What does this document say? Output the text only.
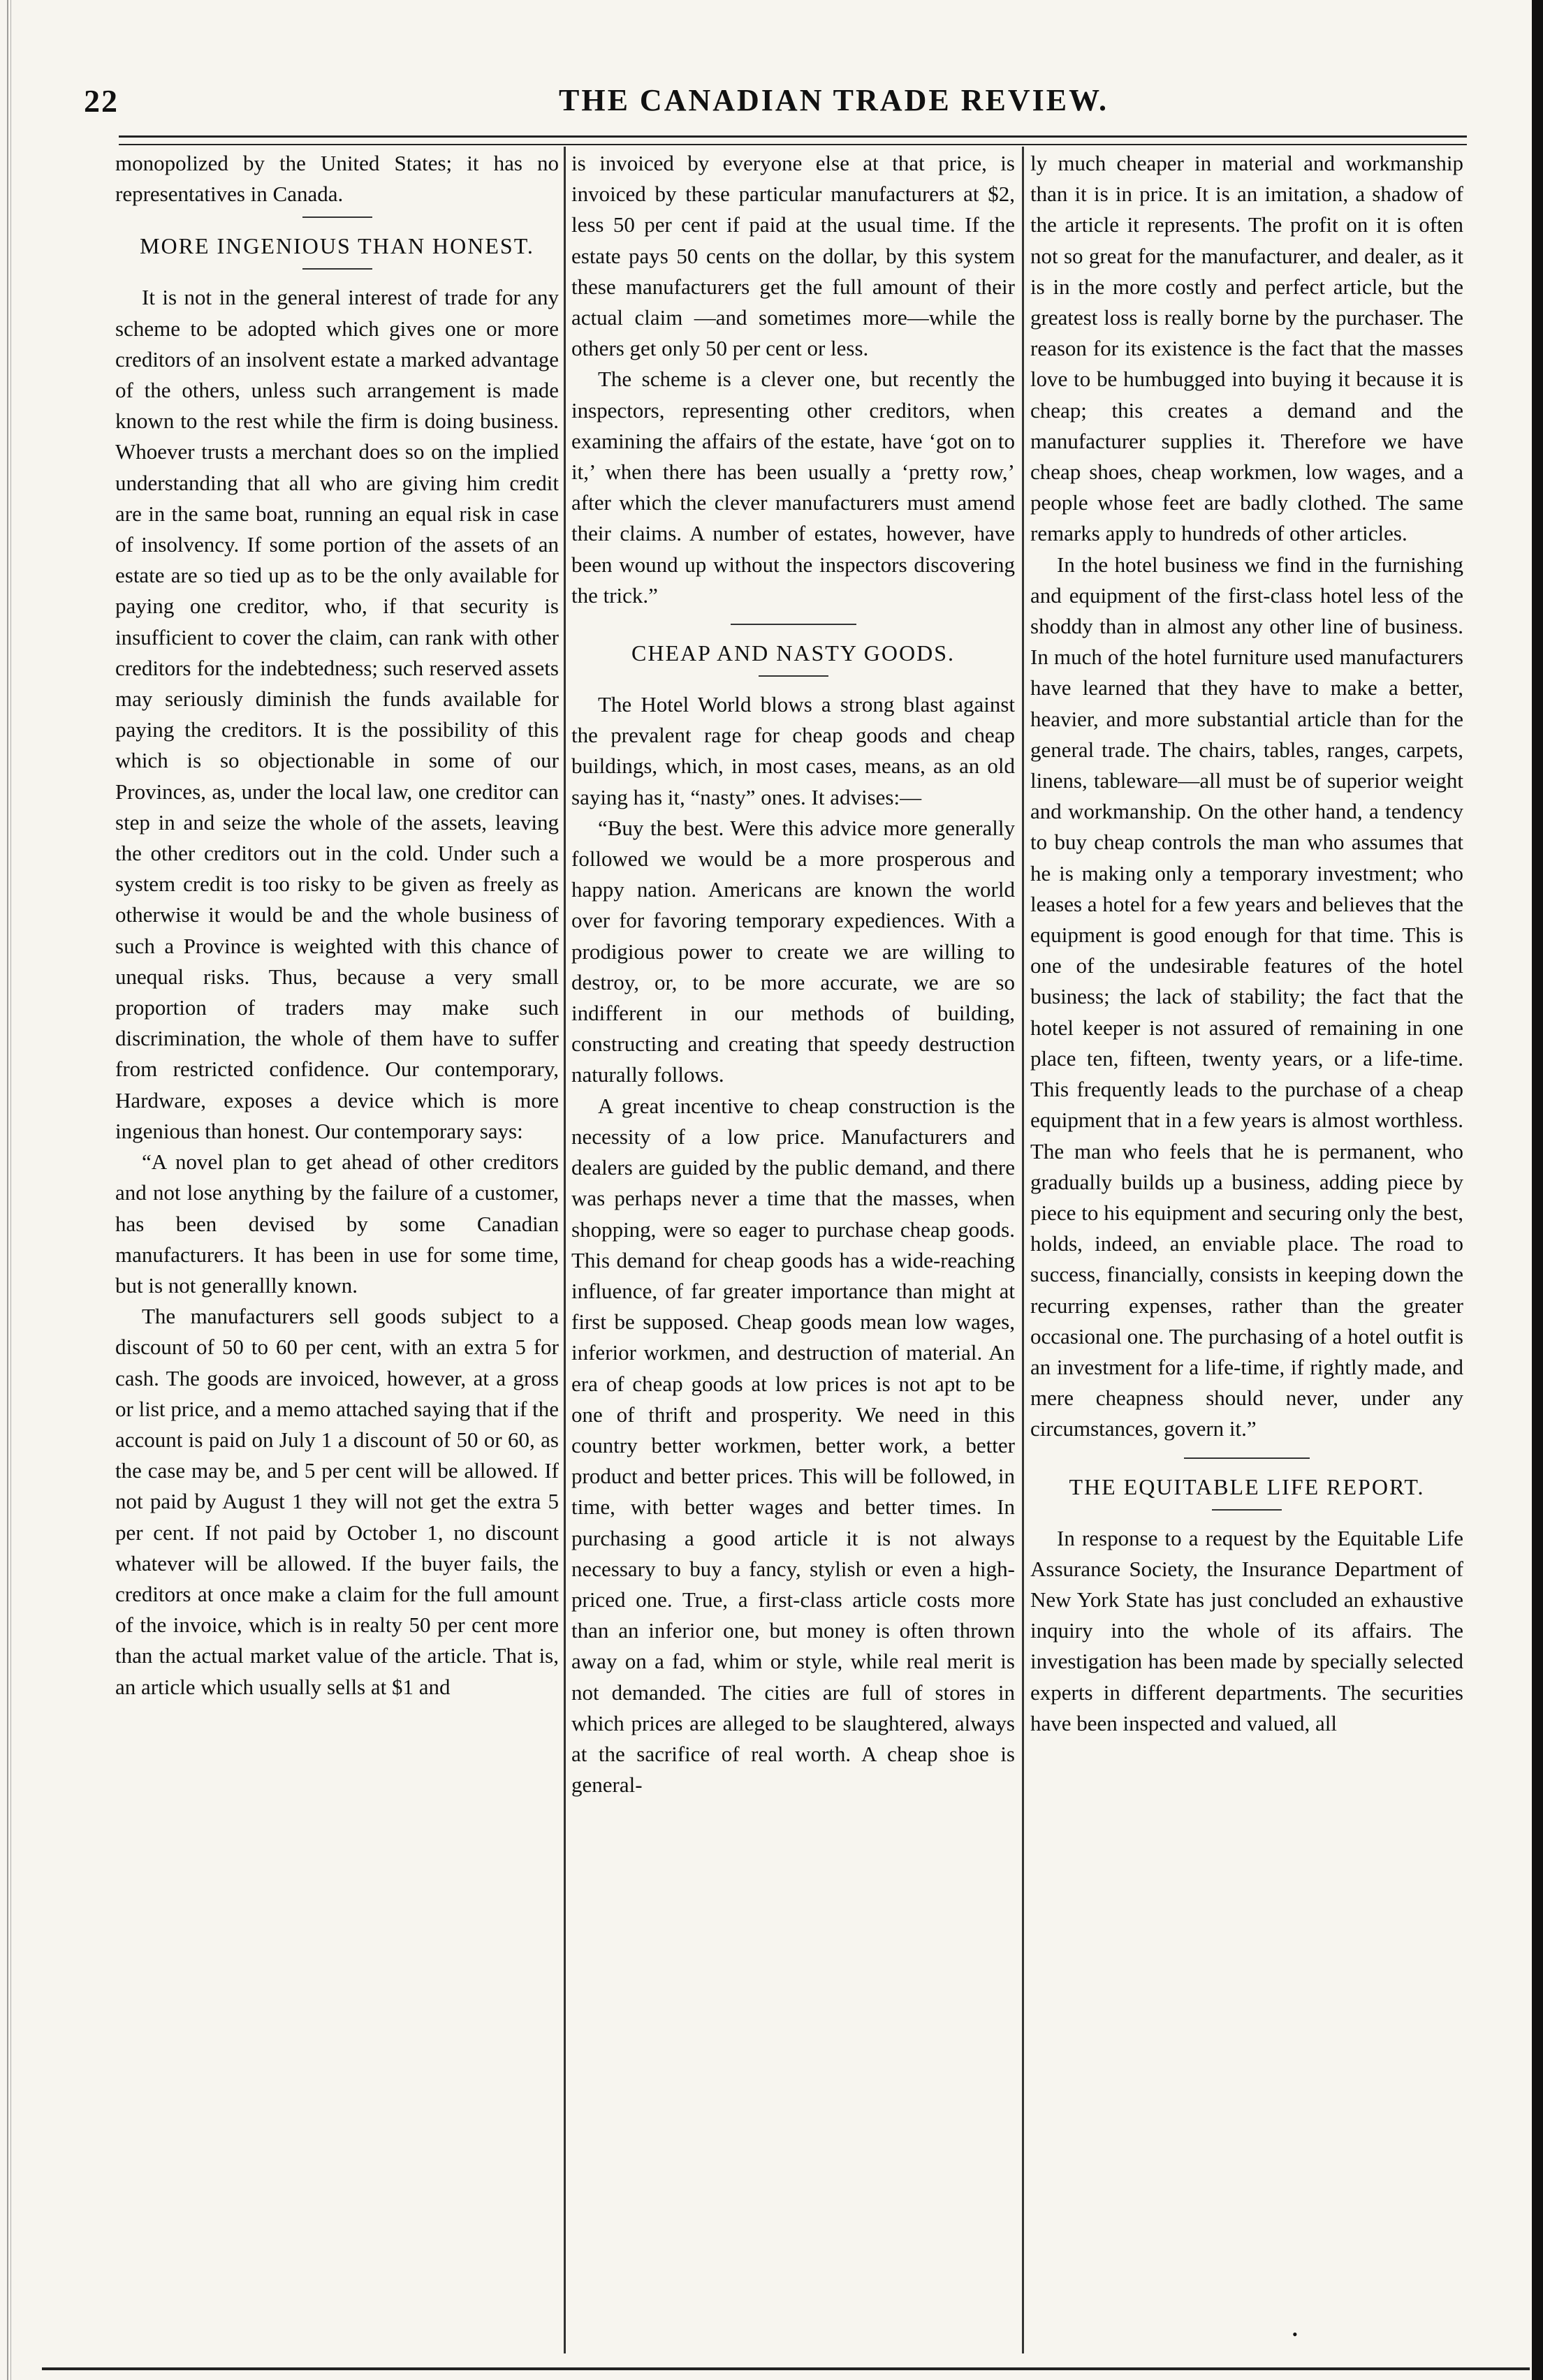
22	THE CANADIAN TRADE REVIEW.

monopolized by the United States; it has no representatives in Canada.

MORE INGENIOUS THAN HONEST.

It is not in the general interest of trade for any scheme to be adopted which gives one or more creditors of an insolvent estate a marked advantage of the others, unless such arrangement is made known to the rest while the firm is doing business. Whoever trusts a merchant does so on the implied understanding that all who are giving him credit are in the same boat, running an equal risk in case of insolvency. If some portion of the assets of an estate are so tied up as to be the only available for paying one creditor, who, if that security is insufficient to cover the claim, can rank with other creditors for the indebtedness; such reserved assets may seriously diminish the funds available for paying the creditors. It is the possibility of this which is so objectionable in some of our Provinces, as, under the local law, one creditor can step in and seize the whole of the assets, leaving the other creditors out in the cold. Under such a system credit is too risky to be given as freely as otherwise it would be and the whole business of such a Province is weighted with this chance of unequal risks. Thus, because a very small proportion of traders may make such discrimination, the whole of them have to suffer from restricted confidence. Our contemporary, Hardware, exposes a device which is more ingenious than honest. Our contemporary says:

“A novel plan to get ahead of other creditors and not lose anything by the failure of a customer, has been devised by some Canadian manufacturers. It has been in use for some time, but is not generallly known.

The manufacturers sell goods subject to a discount of 50 to 60 per cent, with an extra 5 for cash. The goods are invoiced, however, at a gross or list price, and a memo attached saying that if the account is paid on July 1 a discount of 50 or 60, as the case may be, and 5 per cent will be allowed. If not paid by August 1 they will not get the extra 5 per cent. If not paid by October 1, no discount whatever will be allowed. If the buyer fails, the creditors at once make a claim for the full amount of the invoice, which is in realty 50 per cent more than the actual market value of the article. That is, an article which usually sells at $1 and

is invoiced by everyone else at that price, is invoiced by these particular manufacturers at $2, less 50 per cent if paid at the usual time. If the estate pays 50 cents on the dollar, by this system these manufacturers get the full amount of their actual claim —and sometimes more—while the others get only 50 per cent or less.

The scheme is a clever one, but recently the inspectors, representing other creditors, when examining the affairs of the estate, have ‘got on to it,’ when there has been usually a ‘pretty row,’ after which the clever manufacturers must amend their claims. A number of estates, however, have been wound up without the inspectors discovering the trick.”

CHEAP AND NASTY GOODS.

The Hotel World blows a strong blast against the prevalent rage for cheap goods and cheap buildings, which, in most cases, means, as an old saying has it, “nasty” ones. It advises:—

“Buy the best. Were this advice more generally followed we would be a more prosperous and happy nation. Americans are known the world over for favoring temporary expediences. With a prodigious power to create we are willing to destroy, or, to be more accurate, we are so indifferent in our methods of building, constructing and creating that speedy destruction naturally follows.

A great incentive to cheap construction is the necessity of a low price. Manufacturers and dealers are guided by the public demand, and there was perhaps never a time that the masses, when shopping, were so eager to purchase cheap goods. This demand for cheap goods has a wide-reaching influence, of far greater importance than might at first be supposed. Cheap goods mean low wages, inferior workmen, and destruction of material. An era of cheap goods at low prices is not apt to be one of thrift and prosperity. We need in this country better workmen, better work, a better product and better prices. This will be followed, in time, with better wages and better times. In purchasing a good article it is not always necessary to buy a fancy, stylish or even a high-priced one. True, a first-class article costs more than an inferior one, but money is often thrown away on a fad, whim or style, while real merit is not demanded. The cities are full of stores in which prices are alleged to be slaughtered, always at the sacrifice of real worth. A cheap shoe is general-

ly much cheaper in material and workmanship than it is in price. It is an imitation, a shadow of the article it represents. The profit on it is often not so great for the manufacturer, and dealer, as it is in the more costly and perfect article, but the greatest loss is really borne by the purchaser. The reason for its existence is the fact that the masses love to be humbugged into buying it because it is cheap; this creates a demand and the manufacturer supplies it. Therefore we have cheap shoes, cheap workmen, low wages, and a people whose feet are badly clothed. The same remarks apply to hundreds of other articles.

In the hotel business we find in the furnishing and equipment of the first-class hotel less of the shoddy than in almost any other line of business. In much of the hotel furniture used manufacturers have learned that they have to make a better, heavier, and more substantial article than for the general trade. The chairs, tables, ranges, carpets, linens, tableware—all must be of superior weight and workmanship. On the other hand, a tendency to buy cheap controls the man who assumes that he is making only a temporary investment; who leases a hotel for a few years and believes that the equipment is good enough for that time. This is one of the undesirable features of the hotel business; the lack of stability; the fact that the hotel keeper is not assured of remaining in one place ten, fifteen, twenty years, or a life-time. This frequently leads to the purchase of a cheap equipment that in a few years is almost worthless. The man who feels that he is permanent, who gradually builds up a business, adding piece by piece to his equipment and securing only the best, holds, indeed, an enviable place. The road to success, financially, consists in keeping down the recurring expenses, rather than the greater occasional one. The purchasing of a hotel outfit is an investment for a life-time, if rightly made, and mere cheapness should never, under any circumstances, govern it.”

THE EQUITABLE LIFE REPORT.

In response to a request by the Equitable Life Assurance Society, the Insurance Department of New York State has just concluded an exhaustive inquiry into the whole of its affairs. The investigation has been made by specially selected experts in different departments. The securities have been inspected and valued, all

•
